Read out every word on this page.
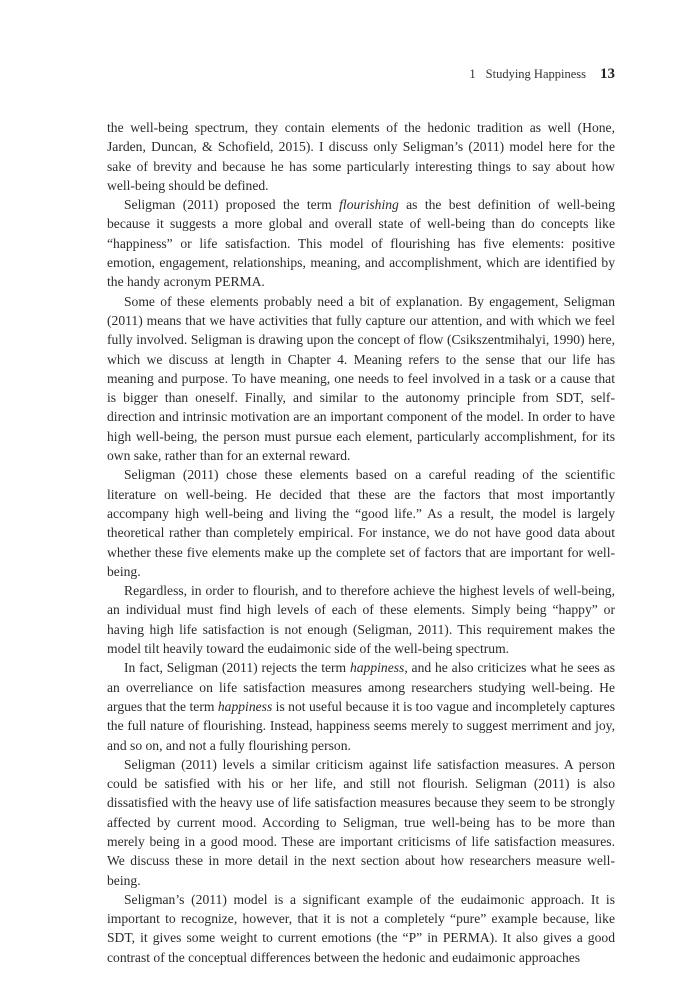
1 Studying Happiness 13

the well-being spectrum, they contain elements of the hedonic tradition as well (Hone, Jarden, Duncan, & Schofield, 2015). I discuss only Seligman’s (2011) model here for the sake of brevity and because he has some particularly interesting things to say about how well-being should be defined.

Seligman (2011) proposed the term flourishing as the best definition of well-being because it suggests a more global and overall state of well-being than do concepts like “happiness” or life satisfaction. This model of flourishing has five elements: positive emotion, engagement, relationships, meaning, and accomplishment, which are identified by the handy acronym PERMA.

Some of these elements probably need a bit of explanation. By engagement, Seligman (2011) means that we have activities that fully capture our attention, and with which we feel fully involved. Seligman is drawing upon the concept of flow (Csikszentmihalyi, 1990) here, which we discuss at length in Chapter 4. Meaning refers to the sense that our life has meaning and purpose. To have meaning, one needs to feel involved in a task or a cause that is bigger than oneself. Finally, and similar to the autonomy principle from SDT, self-direction and intrinsic motivation are an important component of the model. In order to have high well-being, the person must pursue each element, particularly accomplishment, for its own sake, rather than for an external reward.

Seligman (2011) chose these elements based on a careful reading of the scientific literature on well-being. He decided that these are the factors that most importantly accompany high well-being and living the “good life.” As a result, the model is largely theoretical rather than completely empirical. For instance, we do not have good data about whether these five elements make up the complete set of factors that are important for well-being.

Regardless, in order to flourish, and to therefore achieve the highest levels of well-being, an individual must find high levels of each of these elements. Simply being “happy” or having high life satisfaction is not enough (Seligman, 2011). This requirement makes the model tilt heavily toward the eudaimonic side of the well-being spectrum.

In fact, Seligman (2011) rejects the term happiness, and he also criticizes what he sees as an overreliance on life satisfaction measures among researchers studying well-being. He argues that the term happiness is not useful because it is too vague and incompletely captures the full nature of flourishing. Instead, happiness seems merely to suggest merriment and joy, and so on, and not a fully flourishing person.

Seligman (2011) levels a similar criticism against life satisfaction measures. A person could be satisfied with his or her life, and still not flourish. Seligman (2011) is also dissatisfied with the heavy use of life satisfaction measures because they seem to be strongly affected by current mood. According to Seligman, true well-being has to be more than merely being in a good mood. These are important criticisms of life satisfaction measures. We discuss these in more detail in the next section about how researchers measure well-being.

Seligman’s (2011) model is a significant example of the eudaimonic approach. It is important to recognize, however, that it is not a completely “pure” example because, like SDT, it gives some weight to current emotions (the “P” in PERMA). It also gives a good contrast of the conceptual differences between the hedonic and eudaimonic approaches
